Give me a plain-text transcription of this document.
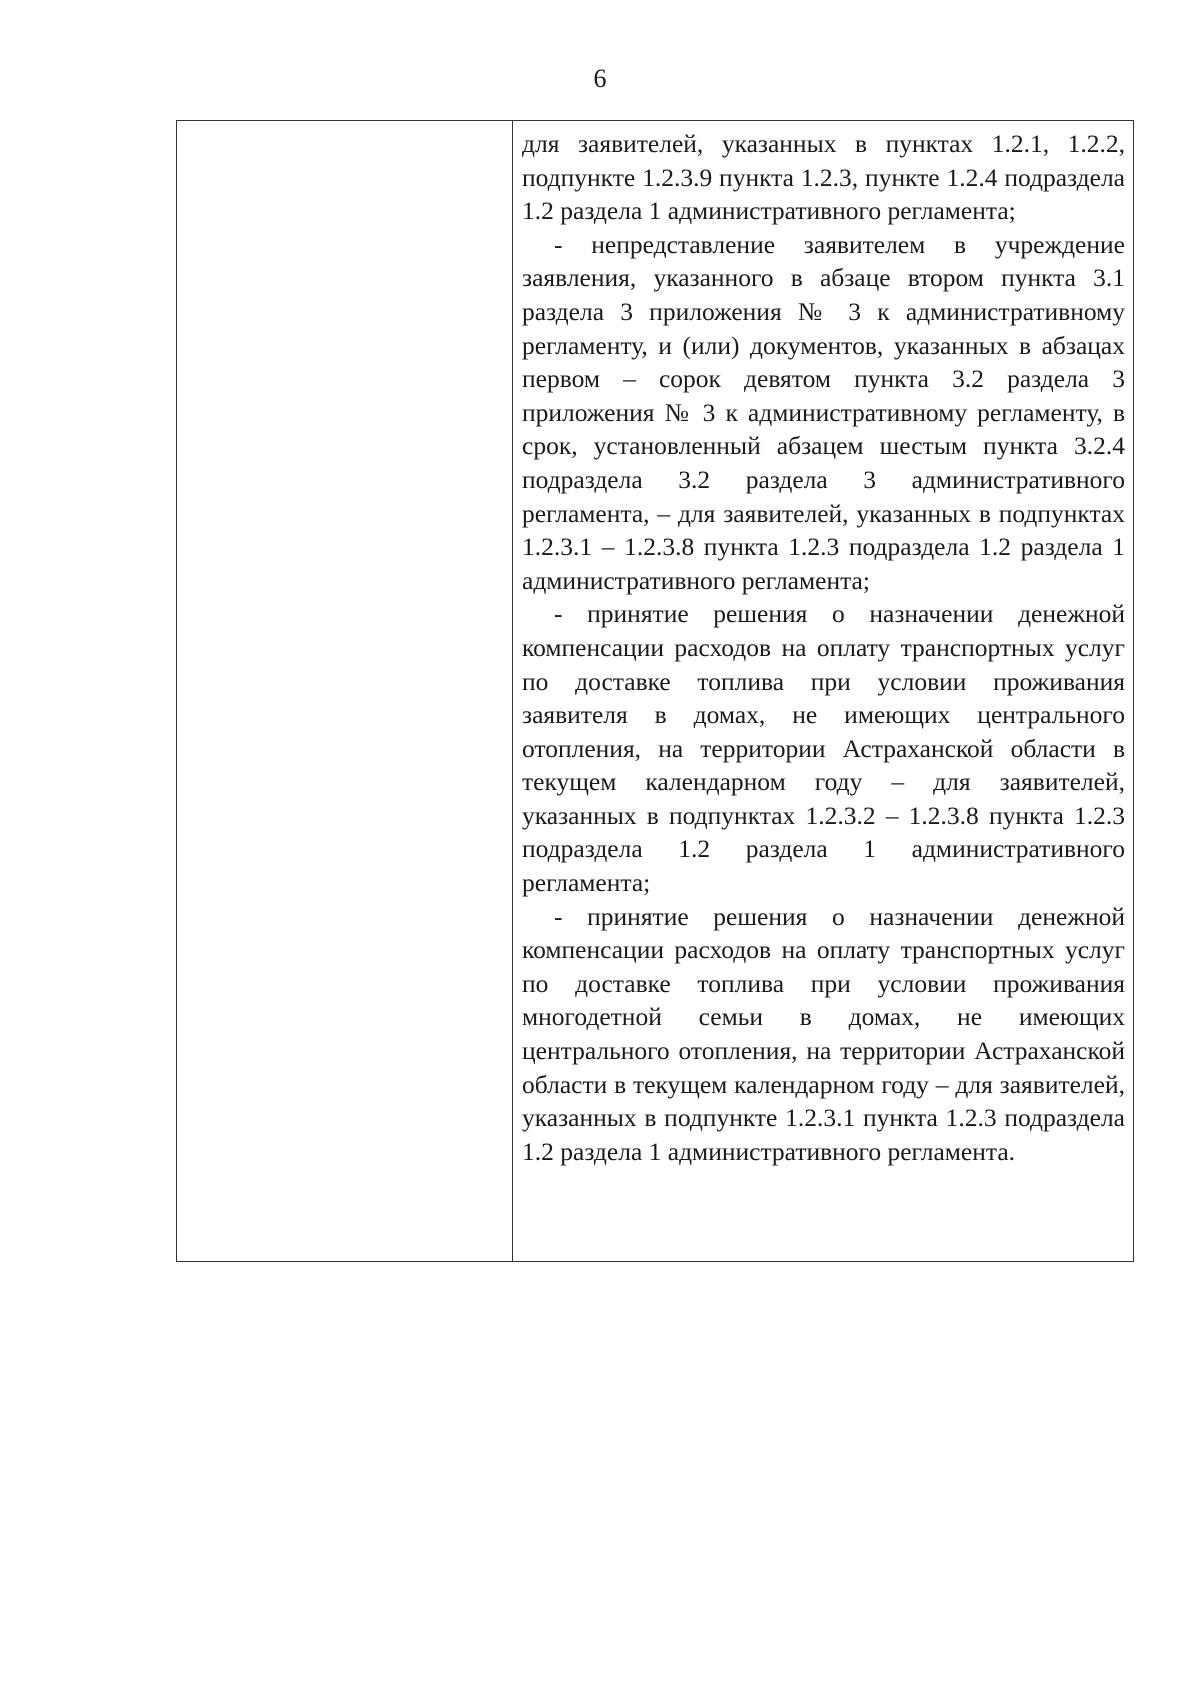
6

для заявителей, указанных в пунктах 1.2.1, 1.2.2, подпункте 1.2.3.9 пункта 1.2.3, пункте 1.2.4 подраздела 1.2 раздела 1 административного регламента;

- непредставление заявителем в учреждение заявления, указанного в абзаце втором пункта 3.1 раздела 3 приложения № 3 к административному регламенту, и (или) документов, указанных в абзацах первом – сорок девятом пункта 3.2 раздела 3 приложения № 3 к административному регламенту, в срок, установленный абзацем шестым пункта 3.2.4 подраздела 3.2 раздела 3 административного регламента, – для заявителей, указанных в подпунктах 1.2.3.1 – 1.2.3.8 пункта 1.2.3 подраздела 1.2 раздела 1 административного регламента;

- принятие решения о назначении денежной компенсации расходов на оплату транспортных услуг по доставке топлива при условии проживания заявителя в домах, не имеющих центрального отопления, на территории Астраханской области в текущем календарном году – для заявителей, указанных в подпунктах 1.2.3.2 – 1.2.3.8 пункта 1.2.3 подраздела 1.2 раздела 1 административного регламента;

- принятие решения о назначении денежной компенсации расходов на оплату транспортных услуг по доставке топлива при условии проживания многодетной семьи в домах, не имеющих центрального отопления, на территории Астраханской области в текущем календарном году – для заявителей, указанных в подпункте 1.2.3.1 пункта 1.2.3 подраздела 1.2 раздела 1 административного регламента.
